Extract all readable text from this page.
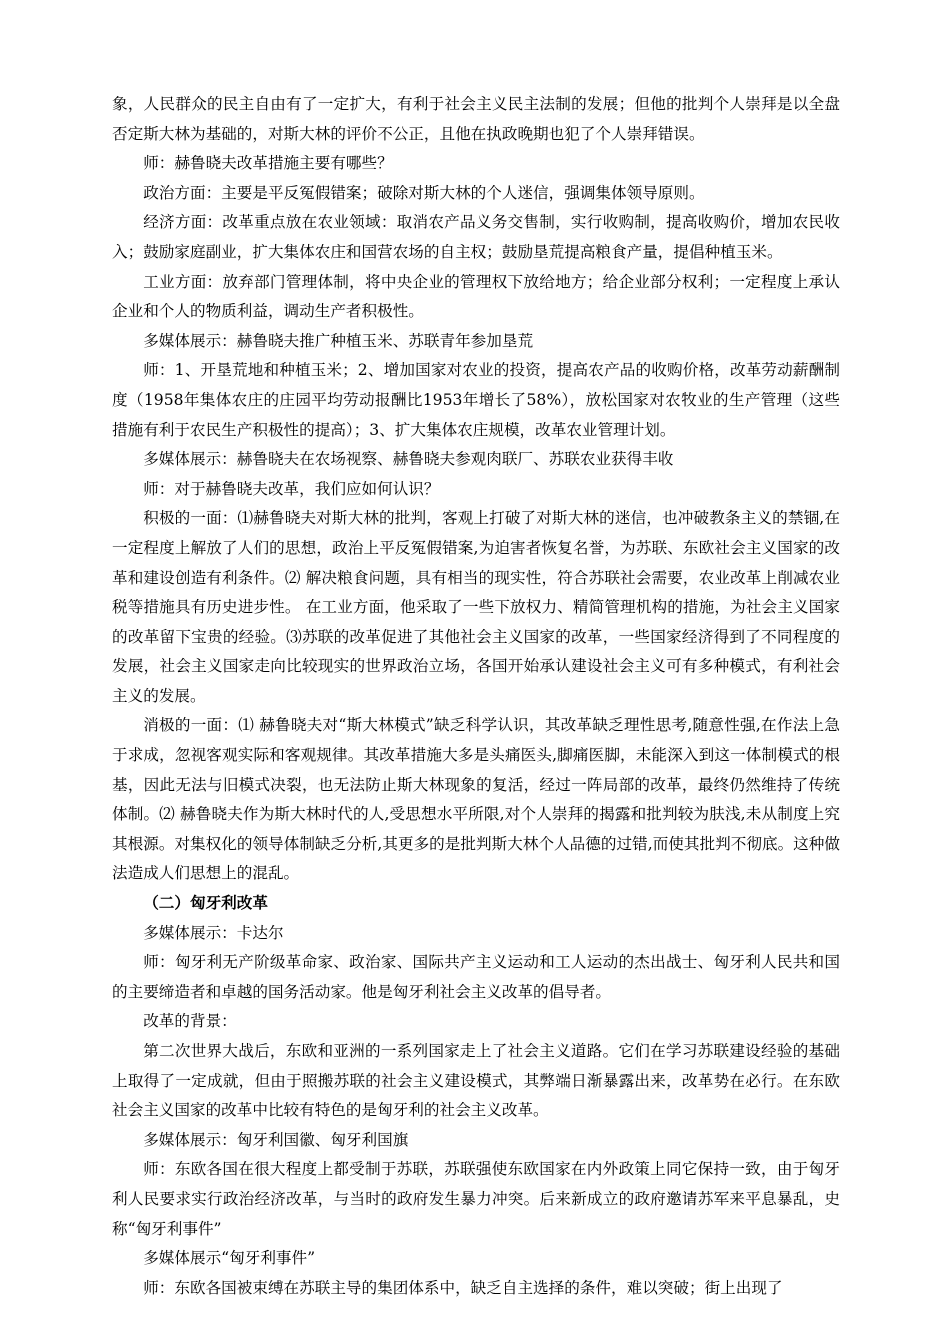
象，人民群众的民主自由有了一定扩大，有利于社会主义民主法制的发展；但他的批判个人崇拜是以全盘否定斯大林为基础的，对斯大林的评价不公正，且他在执政晚期也犯了个人崇拜错误。

师：赫鲁晓夫改革措施主要有哪些？

政治方面：主要是平反冤假错案；破除对斯大林的个人迷信，强调集体领导原则。

经济方面：改革重点放在农业领域：取消农产品义务交售制，实行收购制，提高收购价，增加农民收入；鼓励家庭副业，扩大集体农庄和国营农场的自主权；鼓励垦荒提高粮食产量，提倡种植玉米。

工业方面：放弃部门管理体制，将中央企业的管理权下放给地方；给企业部分权利；一定程度上承认企业和个人的物质利益，调动生产者积极性。

多媒体展示：赫鲁晓夫推广种植玉米、苏联青年参加垦荒

师：1、开垦荒地和种植玉米；2、增加国家对农业的投资，提高农产品的收购价格，改革劳动薪酬制度（1958年集体农庄的庄园平均劳动报酬比1953年增长了58%），放松国家对农牧业的生产管理（这些措施有利于农民生产积极性的提高）；3、扩大集体农庄规模，改革农业管理计划。

多媒体展示：赫鲁晓夫在农场视察、赫鲁晓夫参观肉联厂、苏联农业获得丰收

师：对于赫鲁晓夫改革，我们应如何认识？

积极的一面：⑴赫鲁晓夫对斯大林的批判，客观上打破了对斯大林的迷信，也冲破教条主义的禁锢,在一定程度上解放了人们的思想，政治上平反冤假错案,为迫害者恢复名誉，为苏联、东欧社会主义国家的改革和建设创造有利条件。⑵ 解决粮食问题，具有相当的现实性，符合苏联社会需要，农业改革上削减农业税等措施具有历史进步性。 在工业方面，他采取了一些下放权力、精简管理机构的措施，为社会主义国家的改革留下宝贵的经验。⑶苏联的改革促进了其他社会主义国家的改革，一些国家经济得到了不同程度的发展，社会主义国家走向比较现实的世界政治立场，各国开始承认建设社会主义可有多种模式，有利社会主义的发展。

消极的一面：⑴ 赫鲁晓夫对“斯大林模式”缺乏科学认识，其改革缺乏理性思考,随意性强,在作法上急于求成，忽视客观实际和客观规律。其改革措施大多是头痛医头,脚痛医脚，未能深入到这一体制模式的根基，因此无法与旧模式决裂，也无法防止斯大林现象的复活，经过一阵局部的改革，最终仍然维持了传统体制。⑵ 赫鲁晓夫作为斯大林时代的人,受思想水平所限,对个人崇拜的揭露和批判较为肤浅,未从制度上究其根源。对集权化的领导体制缺乏分析,其更多的是批判斯大林个人品德的过错,而使其批判不彻底。这种做法造成人们思想上的混乱。

（二）匈牙利改革

多媒体展示：卡达尔

师：匈牙利无产阶级革命家、政治家、国际共产主义运动和工人运动的杰出战士、匈牙利人民共和国的主要缔造者和卓越的国务活动家。他是匈牙利社会主义改革的倡导者。

改革的背景：

第二次世界大战后，东欧和亚洲的一系列国家走上了社会主义道路。它们在学习苏联建设经验的基础上取得了一定成就，但由于照搬苏联的社会主义建设模式，其弊端日渐暴露出来，改革势在必行。在东欧社会主义国家的改革中比较有特色的是匈牙利的社会主义改革。

多媒体展示：匈牙利国徽、匈牙利国旗

师：东欧各国在很大程度上都受制于苏联，苏联强使东欧国家在内外政策上同它保持一致，由于匈牙利人民要求实行政治经济改革，与当时的政府发生暴力冲突。后来新成立的政府邀请苏军来平息暴乱，史称“匈牙利事件”

多媒体展示“匈牙利事件”

师：东欧各国被束缚在苏联主导的集团体系中，缺乏自主选择的条件，难以突破；街上出现了
